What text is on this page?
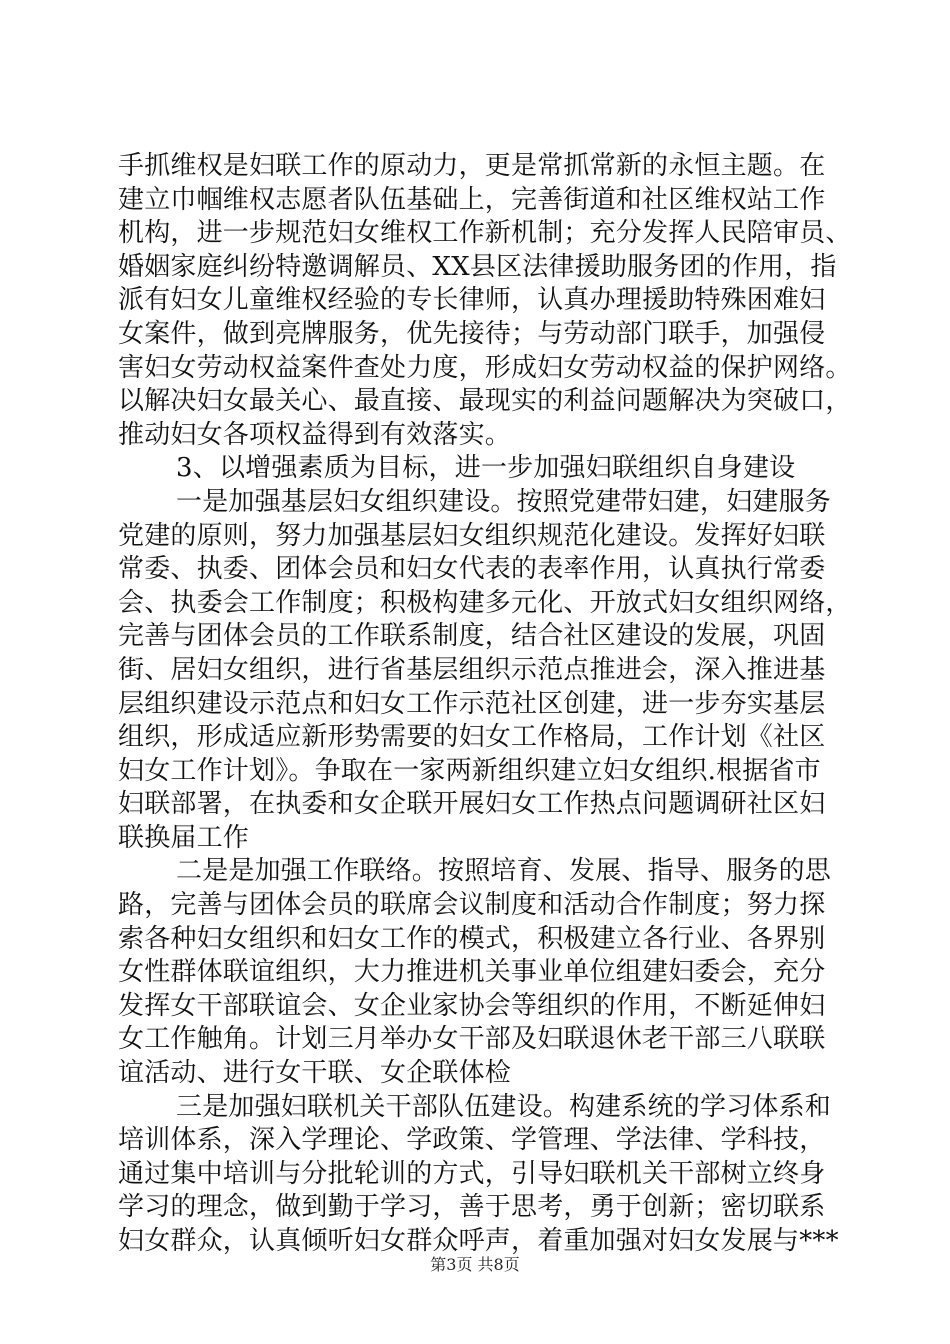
手抓维权是妇联工作的原动力，更是常抓常新的永恒主题。在
建立巾帼维权志愿者队伍基础上，完善街道和社区维权站工作
机构，进一步规范妇女维权工作新机制；充分发挥人民陪审员、
婚姻家庭纠纷特邀调解员、XX县区法律援助服务团的作用，指
派有妇女儿童维权经验的专长律师，认真办理援助特殊困难妇
女案件，做到亮牌服务，优先接待；与劳动部门联手，加强侵
害妇女劳动权益案件查处力度，形成妇女劳动权益的保护网络。
以解决妇女最关心、最直接、最现实的利益问题解决为突破口，
推动妇女各项权益得到有效落实。
3、以增强素质为目标，进一步加强妇联组织自身建设
一是加强基层妇女组织建设。按照党建带妇建，妇建服务
党建的原则，努力加强基层妇女组织规范化建设。发挥好妇联
常委、执委、团体会员和妇女代表的表率作用，认真执行常委
会、执委会工作制度；积极构建多元化、开放式妇女组织网络，
完善与团体会员的工作联系制度，结合社区建设的发展，巩固
街、居妇女组织，进行省基层组织示范点推进会，深入推进基
层组织建设示范点和妇女工作示范社区创建，进一步夯实基层
组织，形成适应新形势需要的妇女工作格局，工作计划《社区
妇女工作计划》。争取在一家两新组织建立妇女组织.根据省市
妇联部署，在执委和女企联开展妇女工作热点问题调研社区妇
联换届工作
二是是加强工作联络。按照培育、发展、指导、服务的思
路，完善与团体会员的联席会议制度和活动合作制度；努力探
索各种妇女组织和妇女工作的模式，积极建立各行业、各界别
女性群体联谊组织，大力推进机关事业单位组建妇委会，充分
发挥女干部联谊会、女企业家协会等组织的作用，不断延伸妇
女工作触角。计划三月举办女干部及妇联退休老干部三八联联
谊活动、进行女干联、女企联体检
三是加强妇联机关干部队伍建设。构建系统的学习体系和
培训体系，深入学理论、学政策、学管理、学法律、学科技，
通过集中培训与分批轮训的方式，引导妇联机关干部树立终身
学习的理念，做到勤于学习，善于思考，勇于创新；密切联系
妇女群众，认真倾听妇女群众呼声，着重加强对妇女发展与***
第3页 共8页
